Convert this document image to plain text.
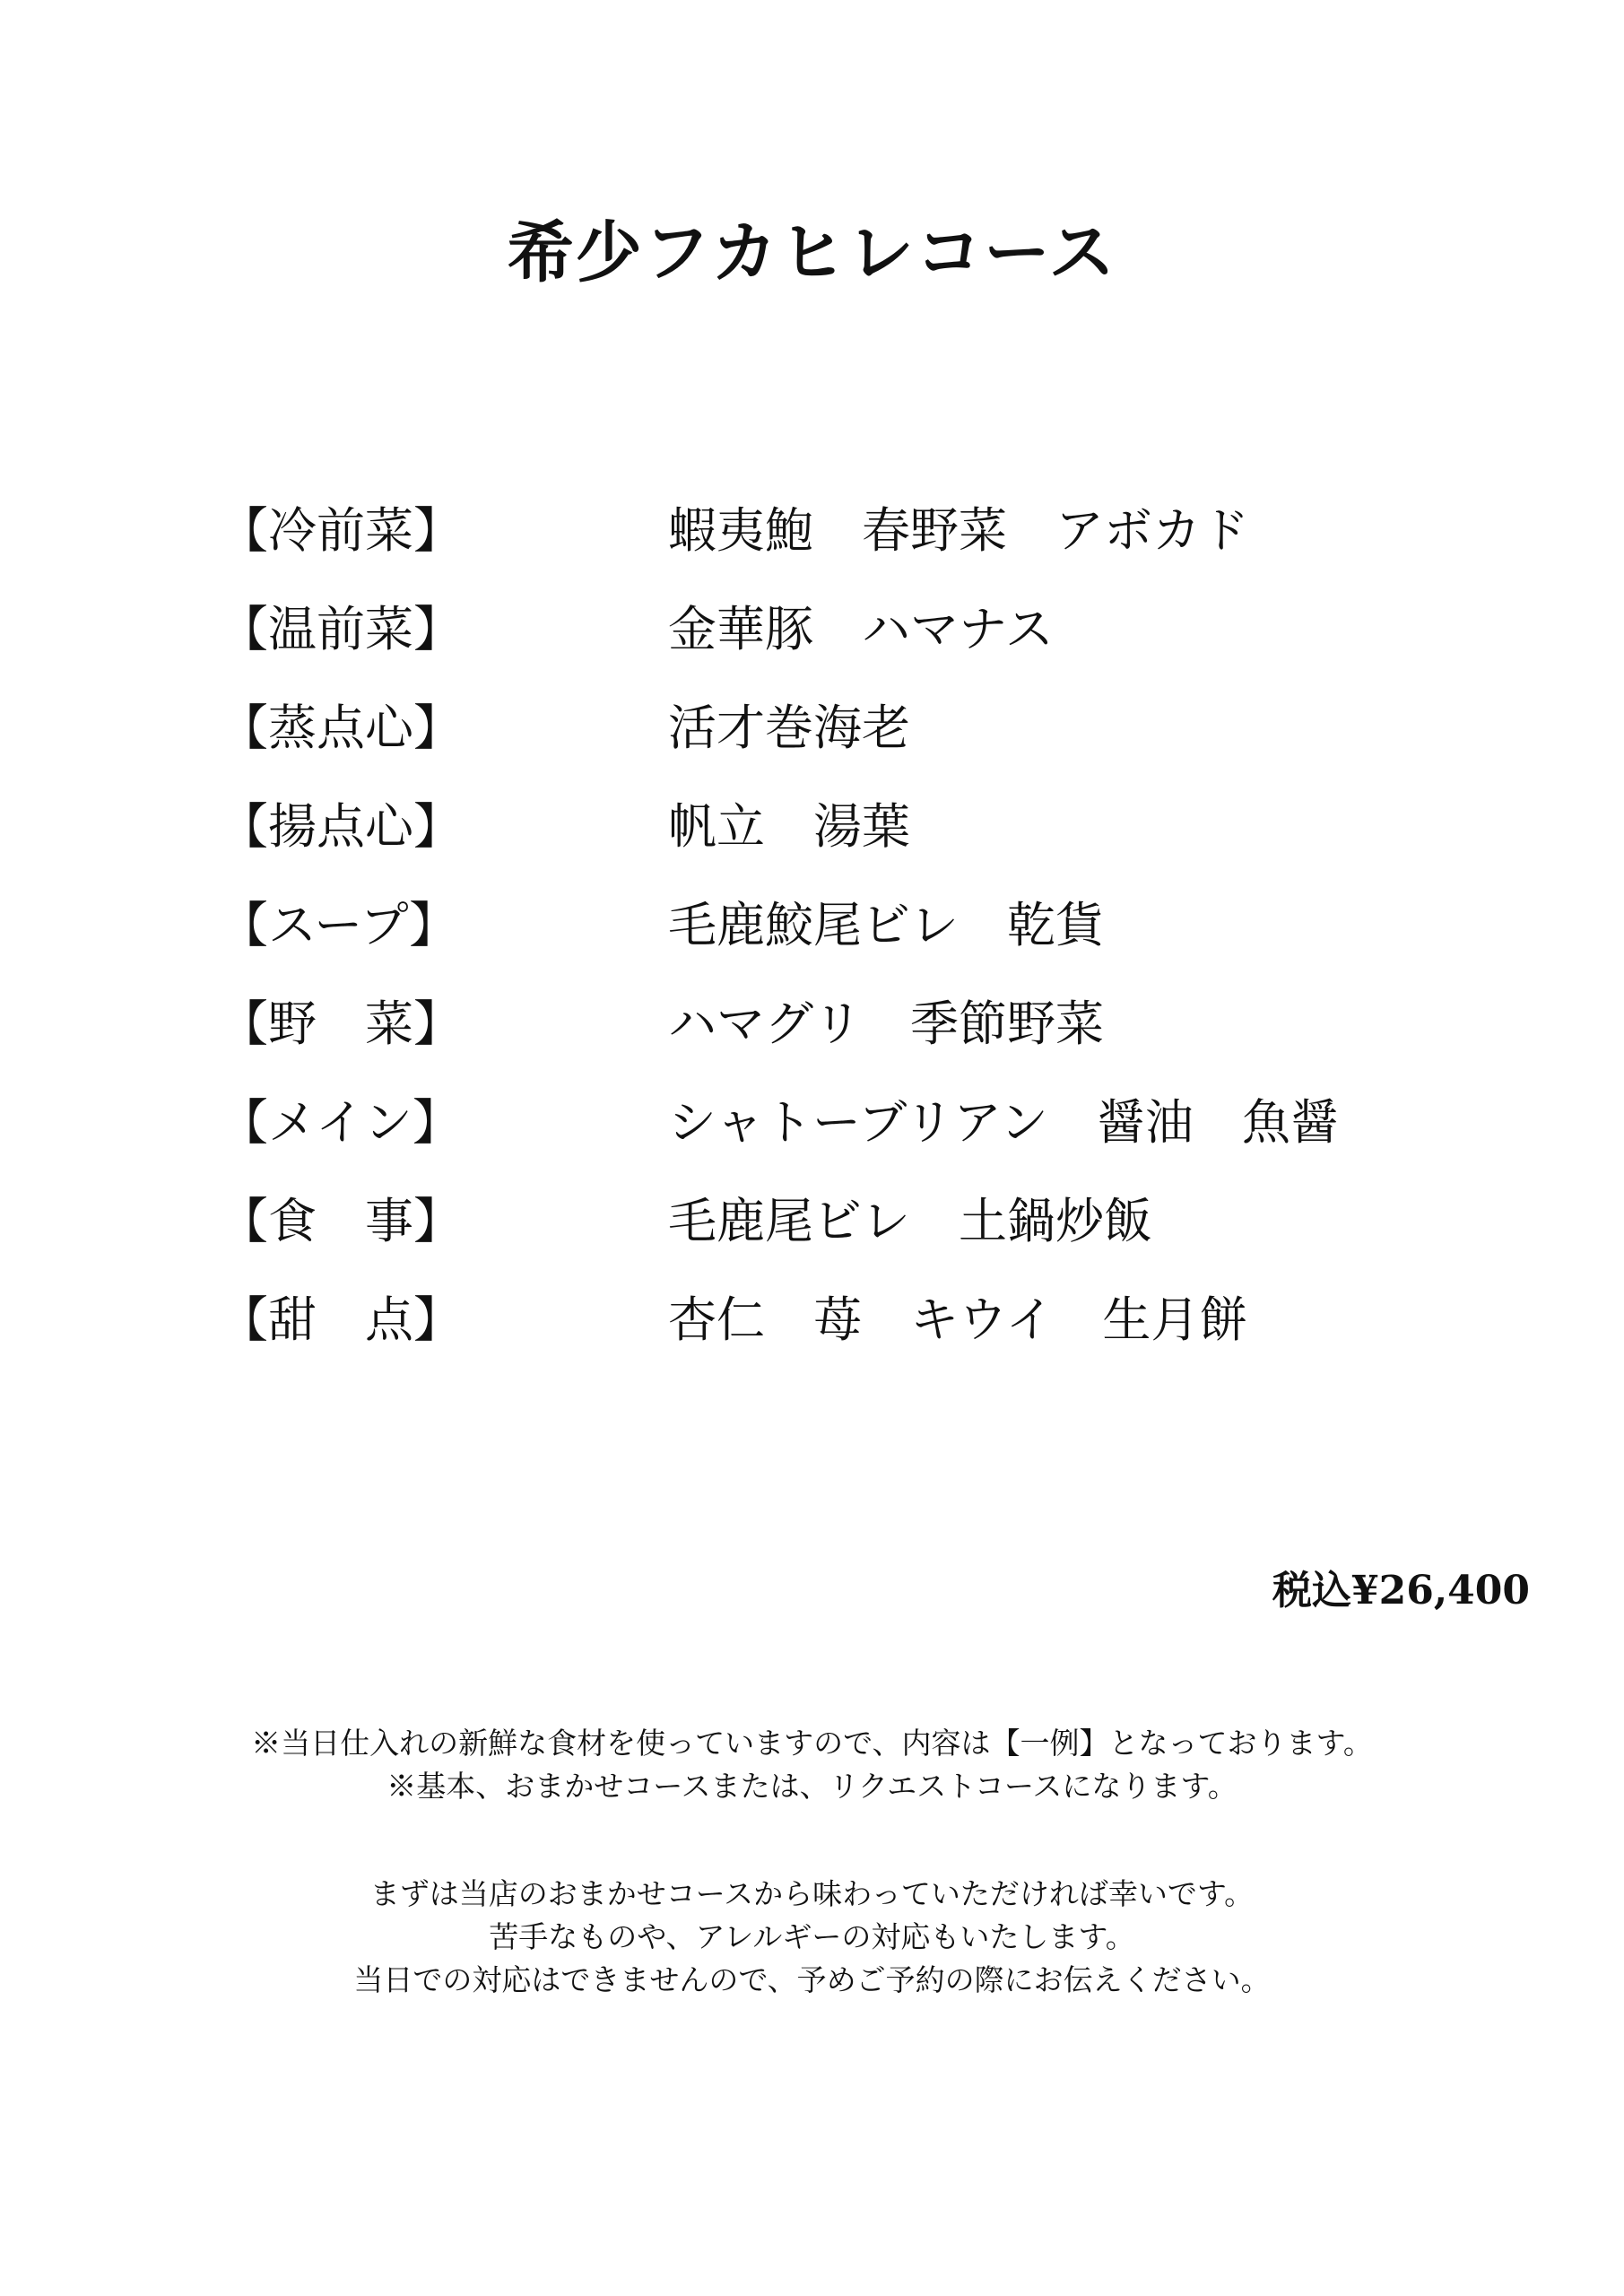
希少フカヒレコース
【冷前菜】	蝦夷鮑　春野菜　アボカド
【温前菜】	金華豚　ハマナス
【蒸点心】	活才巻海老
【揚点心】	帆立　湯葉
【スープ】	毛鹿鮫尾ビレ　乾貨
【野　菜】	ハマグリ　季節野菜
【メイン】	シャトーブリアン　醤油　魚醤
【食　事】	毛鹿尾ビレ　土鍋炒飯
【甜　点】	杏仁　苺　キウイ　生月餅
税込¥26,400
※当日仕入れの新鮮な食材を使っていますので、内容は【一例】となっております。
※基本、おまかせコースまたは、リクエストコースになります。
まずは当店のおまかせコースから味わっていただければ幸いです。
苦手なものや、アレルギーの対応もいたします。
当日での対応はできませんので、予めご予約の際にお伝えください。
